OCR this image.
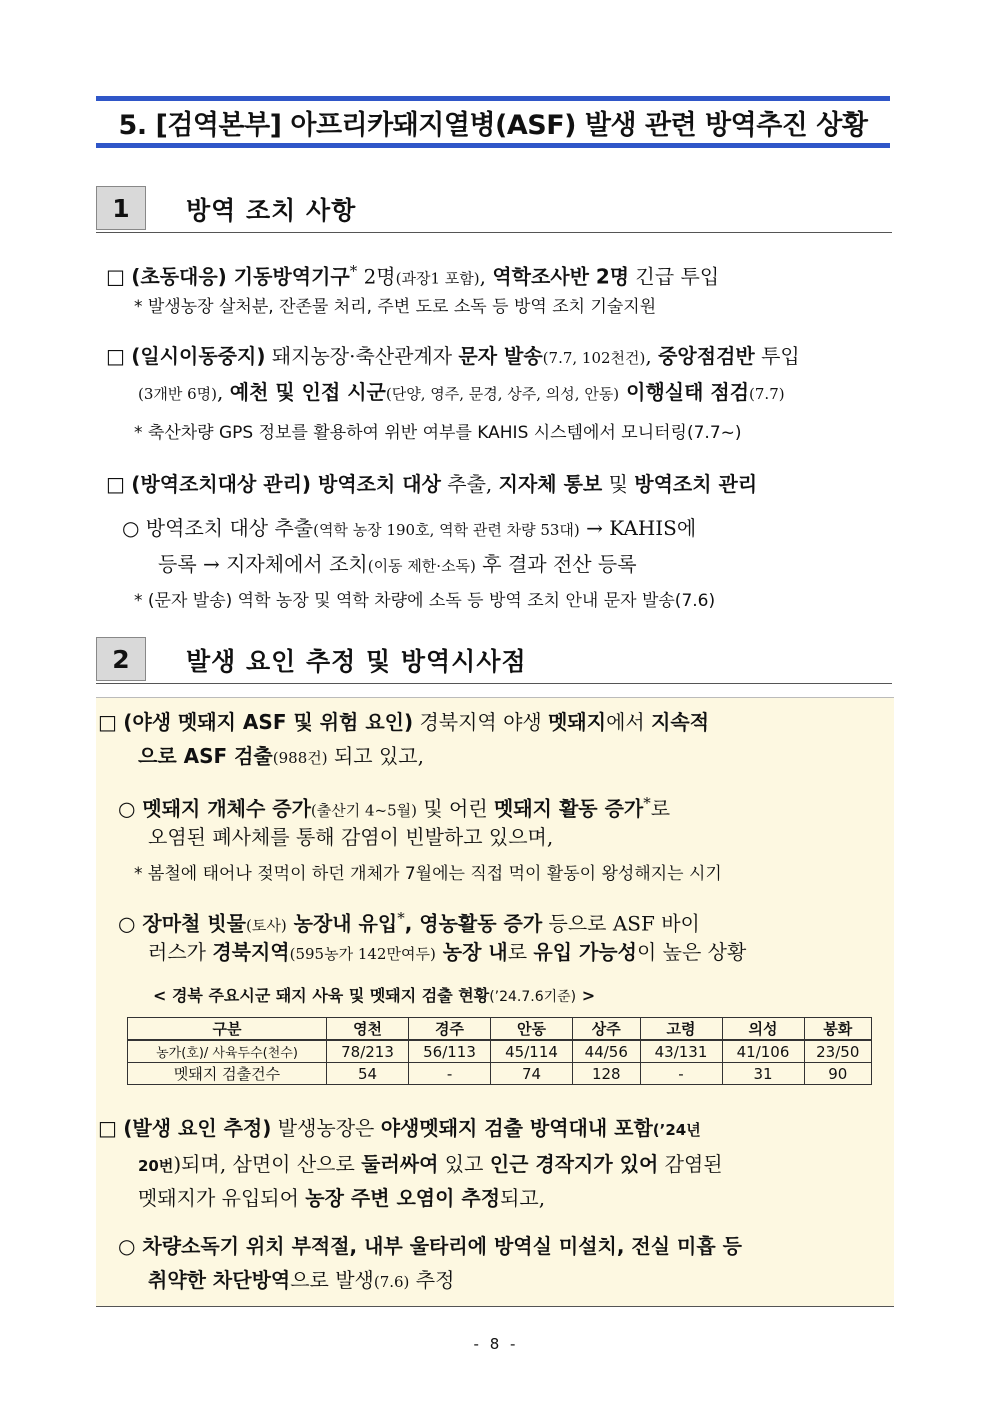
5. [검역본부] 아프리카돼지열병(ASF) 발생 관련 방역추진 상황
1	방역 조치 사항
□ (초동대응) 기동방역기구* 2명(과장1 포함), 역학조사반 2명 긴급 투입
* 발생농장 살처분, 잔존물 처리, 주변 도로 소독 등 방역 조치 기술지원
□ (일시이동중지) 돼지농장·축산관계자 문자 발송(7.7, 102천건), 중앙점검반 투입
(3개반 6명), 예천 및 인접 시군(단양, 영주, 문경, 상주, 의성, 안동) 이행실태 점검(7.7)
* 축산차량 GPS 정보를 활용하여 위반 여부를 KAHIS 시스템에서 모니터링(7.7~)
□ (방역조치대상 관리) 방역조치 대상 추출, 지자체 통보 및 방역조치 관리
○ 방역조치 대상 추출(역학 농장 190호, 역학 관련 차량 53대) → KAHIS에
등록 → 지자체에서 조치(이동 제한·소독) 후 결과 전산 등록
* (문자 발송) 역학 농장 및 역학 차량에 소독 등 방역 조치 안내 문자 발송(7.6)
2	발생 요인 추정 및 방역시사점
□ (야생 멧돼지 ASF 및 위험 요인) 경북지역 야생 멧돼지에서 지속적
으로 ASF 검출(988건) 되고 있고,
○ 멧돼지 개체수 증가(출산기 4~5월) 및 어린 멧돼지 활동 증가*로
오염된 폐사체를 통해 감염이 빈발하고 있으며,
* 봄철에 태어나 젖먹이 하던 개체가 7월에는 직접 먹이 활동이 왕성해지는 시기
○ 장마철 빗물(토사) 농장내 유입*, 영농활동 증가 등으로 ASF 바이
러스가 경북지역(595농가 142만여두) 농장 내로 유입 가능성이 높은 상황
< 경북 주요시군 돼지 사육 및 멧돼지 검출 현황(’24.7.6기준) >
구분	영천	경주	안동	상주	고령	의성	봉화
농가(호)/ 사육두수(천수)	78/213	56/113	45/114	44/56	43/131	41/106	23/50
멧돼지 검출건수	54	-	74	128	-	31	90
□ (발생 요인 추정) 발생농장은 야생멧돼지 검출 방역대내 포함(’24년
20번)되며, 삼면이 산으로 둘러싸여 있고 인근 경작지가 있어 감염된
멧돼지가 유입되어 농장 주변 오염이 추정되고,
○ 차량소독기 위치 부적절, 내부 울타리에 방역실 미설치, 전실 미흡 등
취약한 차단방역으로 발생(7.6) 추정
- 8 -
